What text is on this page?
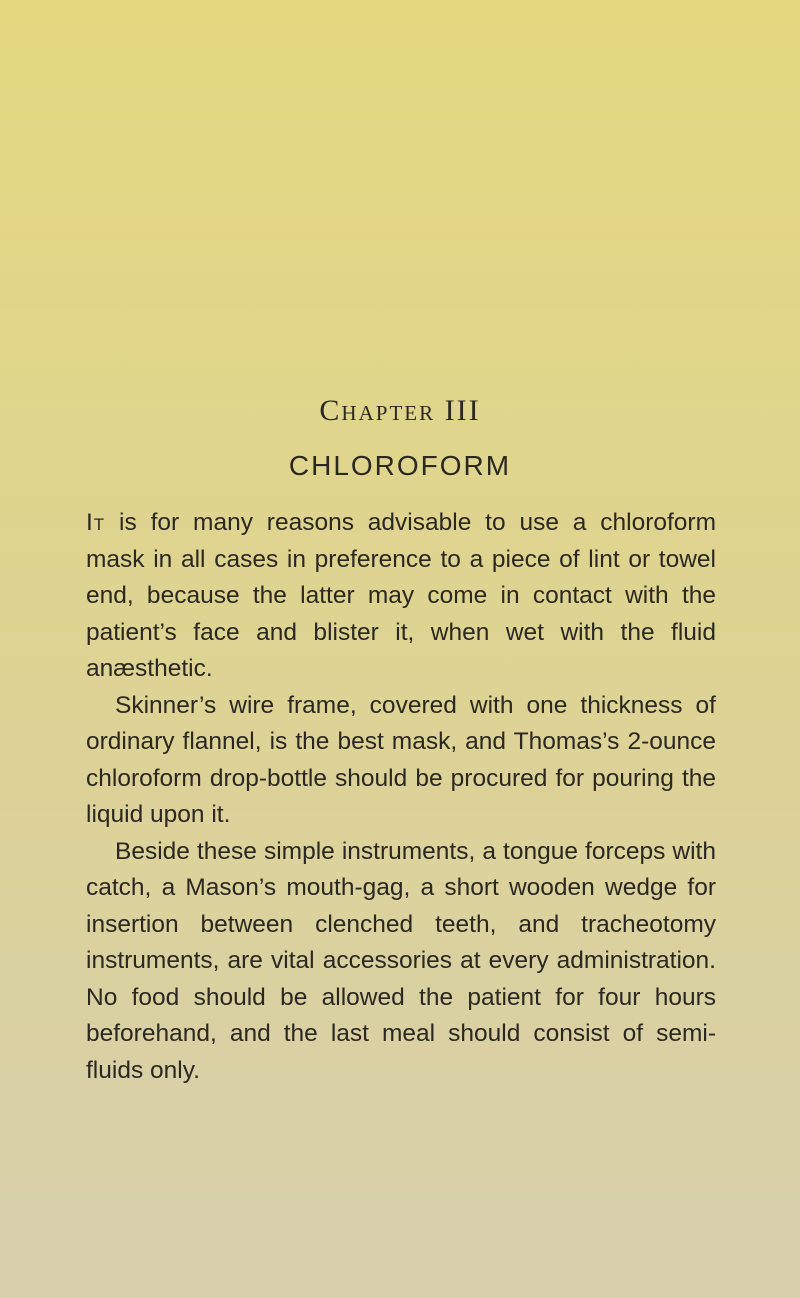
Chapter III
CHLOROFORM

It is for many reasons advisable to use a chloroform mask in all cases in preference to a piece of lint or towel end, because the latter may come in contact with the patient’s face and blister it, when wet with the fluid anæsthetic.

Skinner’s wire frame, covered with one thickness of ordinary flannel, is the best mask, and Thomas’s 2-ounce chloroform drop-bottle should be procured for pouring the liquid upon it.

Beside these simple instruments, a tongue forceps with catch, a Mason’s mouth-gag, a short wooden wedge for insertion between clenched teeth, and tracheotomy instruments, are vital accessories at every administration. No food should be allowed the patient for four hours beforehand, and the last meal should consist of semi-fluids only.
